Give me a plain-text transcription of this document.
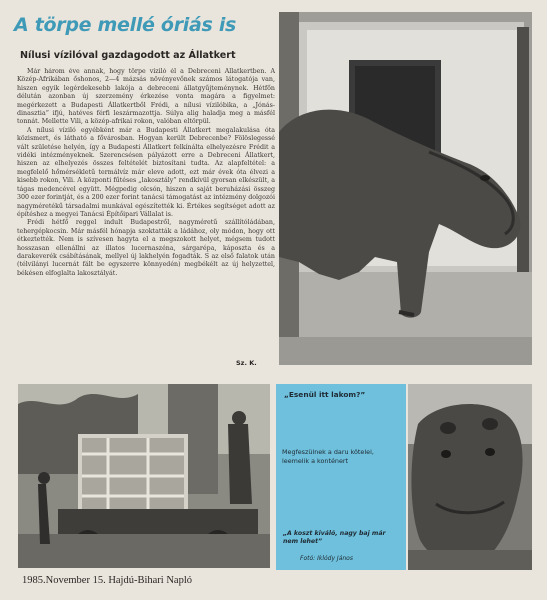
A törpe mellé óriás is
Nílusi vízilóval gazdagodott az Állatkert

Már három éve annak, hogy törpe víziló él a Debreceni Állatkertben. A Közép-Afrikában őshonos, 2—4 mázsás növényevőnek számos látogatója van, hiszen egyik legérdekesebb lakója a debreceni állatgyűjteménynek. Hétfőn délután azonban új szerzemény érkezése vonta magára a figyelmet: megérkezett a Budapesti Állatkertből Frédi, a nílusi vízilóbika, a „Jónás-dinasztia” ifjú, hatéves férfi leszármazottja. Súlya alig haladja meg a másfél tonnát. Mellette Vili, a közép-afrikai rokon, valóban eltörpül.

A nílusi víziló egyébként már a Budapesti Állatkert megalakulása óta közismert, és látható a fővárosban. Hogyan került Debrecenbe? Fölöslegessé vált születése helyén, így a Budapesti Állatkert felkínálta elhelyezésre Frédit a vidéki intézményeknek. Szerencsésen pályázott erre a Debreceni Állatkert, hiszen az elhelyezés összes feltételét biztosítani tudta. Az alapfeltétel: a megfelelő hőmérsékletű termálvíz már eleve adott, ezt már évek óta élvezi a kisebb rokon, Vili. A központi fűtéses „lakosztály” rendkívül gyorsan elkészült, a tágas medencével együtt. Mégpedig olcsón, hiszen a saját beruházási összeg 300 ezer forintját, és a 200 ezer forint tanácsi támogatást az intézmény dolgozói nagyméretékű társadalmi munkával egészítették ki. Értékes segítséget adott az építéshez a megyei Tanácsi Építőipari Vállalat is.

Frédi hétfő reggel indult Budapestről, nagyméretű szállítóládában, tehergépkocsin. Már másfél hónapja szoktatták a ládához, oly módon, hogy ott étkeztették. Nem is szívesen hagyta el a megszokott helyet, mégsem tudott hosszasan ellenállni az illatos lucernaszéna, sárgarépa, káposzta és a darakeverék csábításának, mellyel új lakhelyén fogadták. S az első falatok után (télvilányi lucernát fált be egyszerre könnyedén) megbékélt az új helyzettel, békésen elfoglalta lakosztályát.

Sz. K.
„Esenül itt lakom?”
Megfeszülnek a daru kötelei, leemelik a konténert
„A koszt kiváló, nagy baj már nem lehet”
Fotó: Iklódy János
1985.November 15. Hajdú-Bihari Napló
